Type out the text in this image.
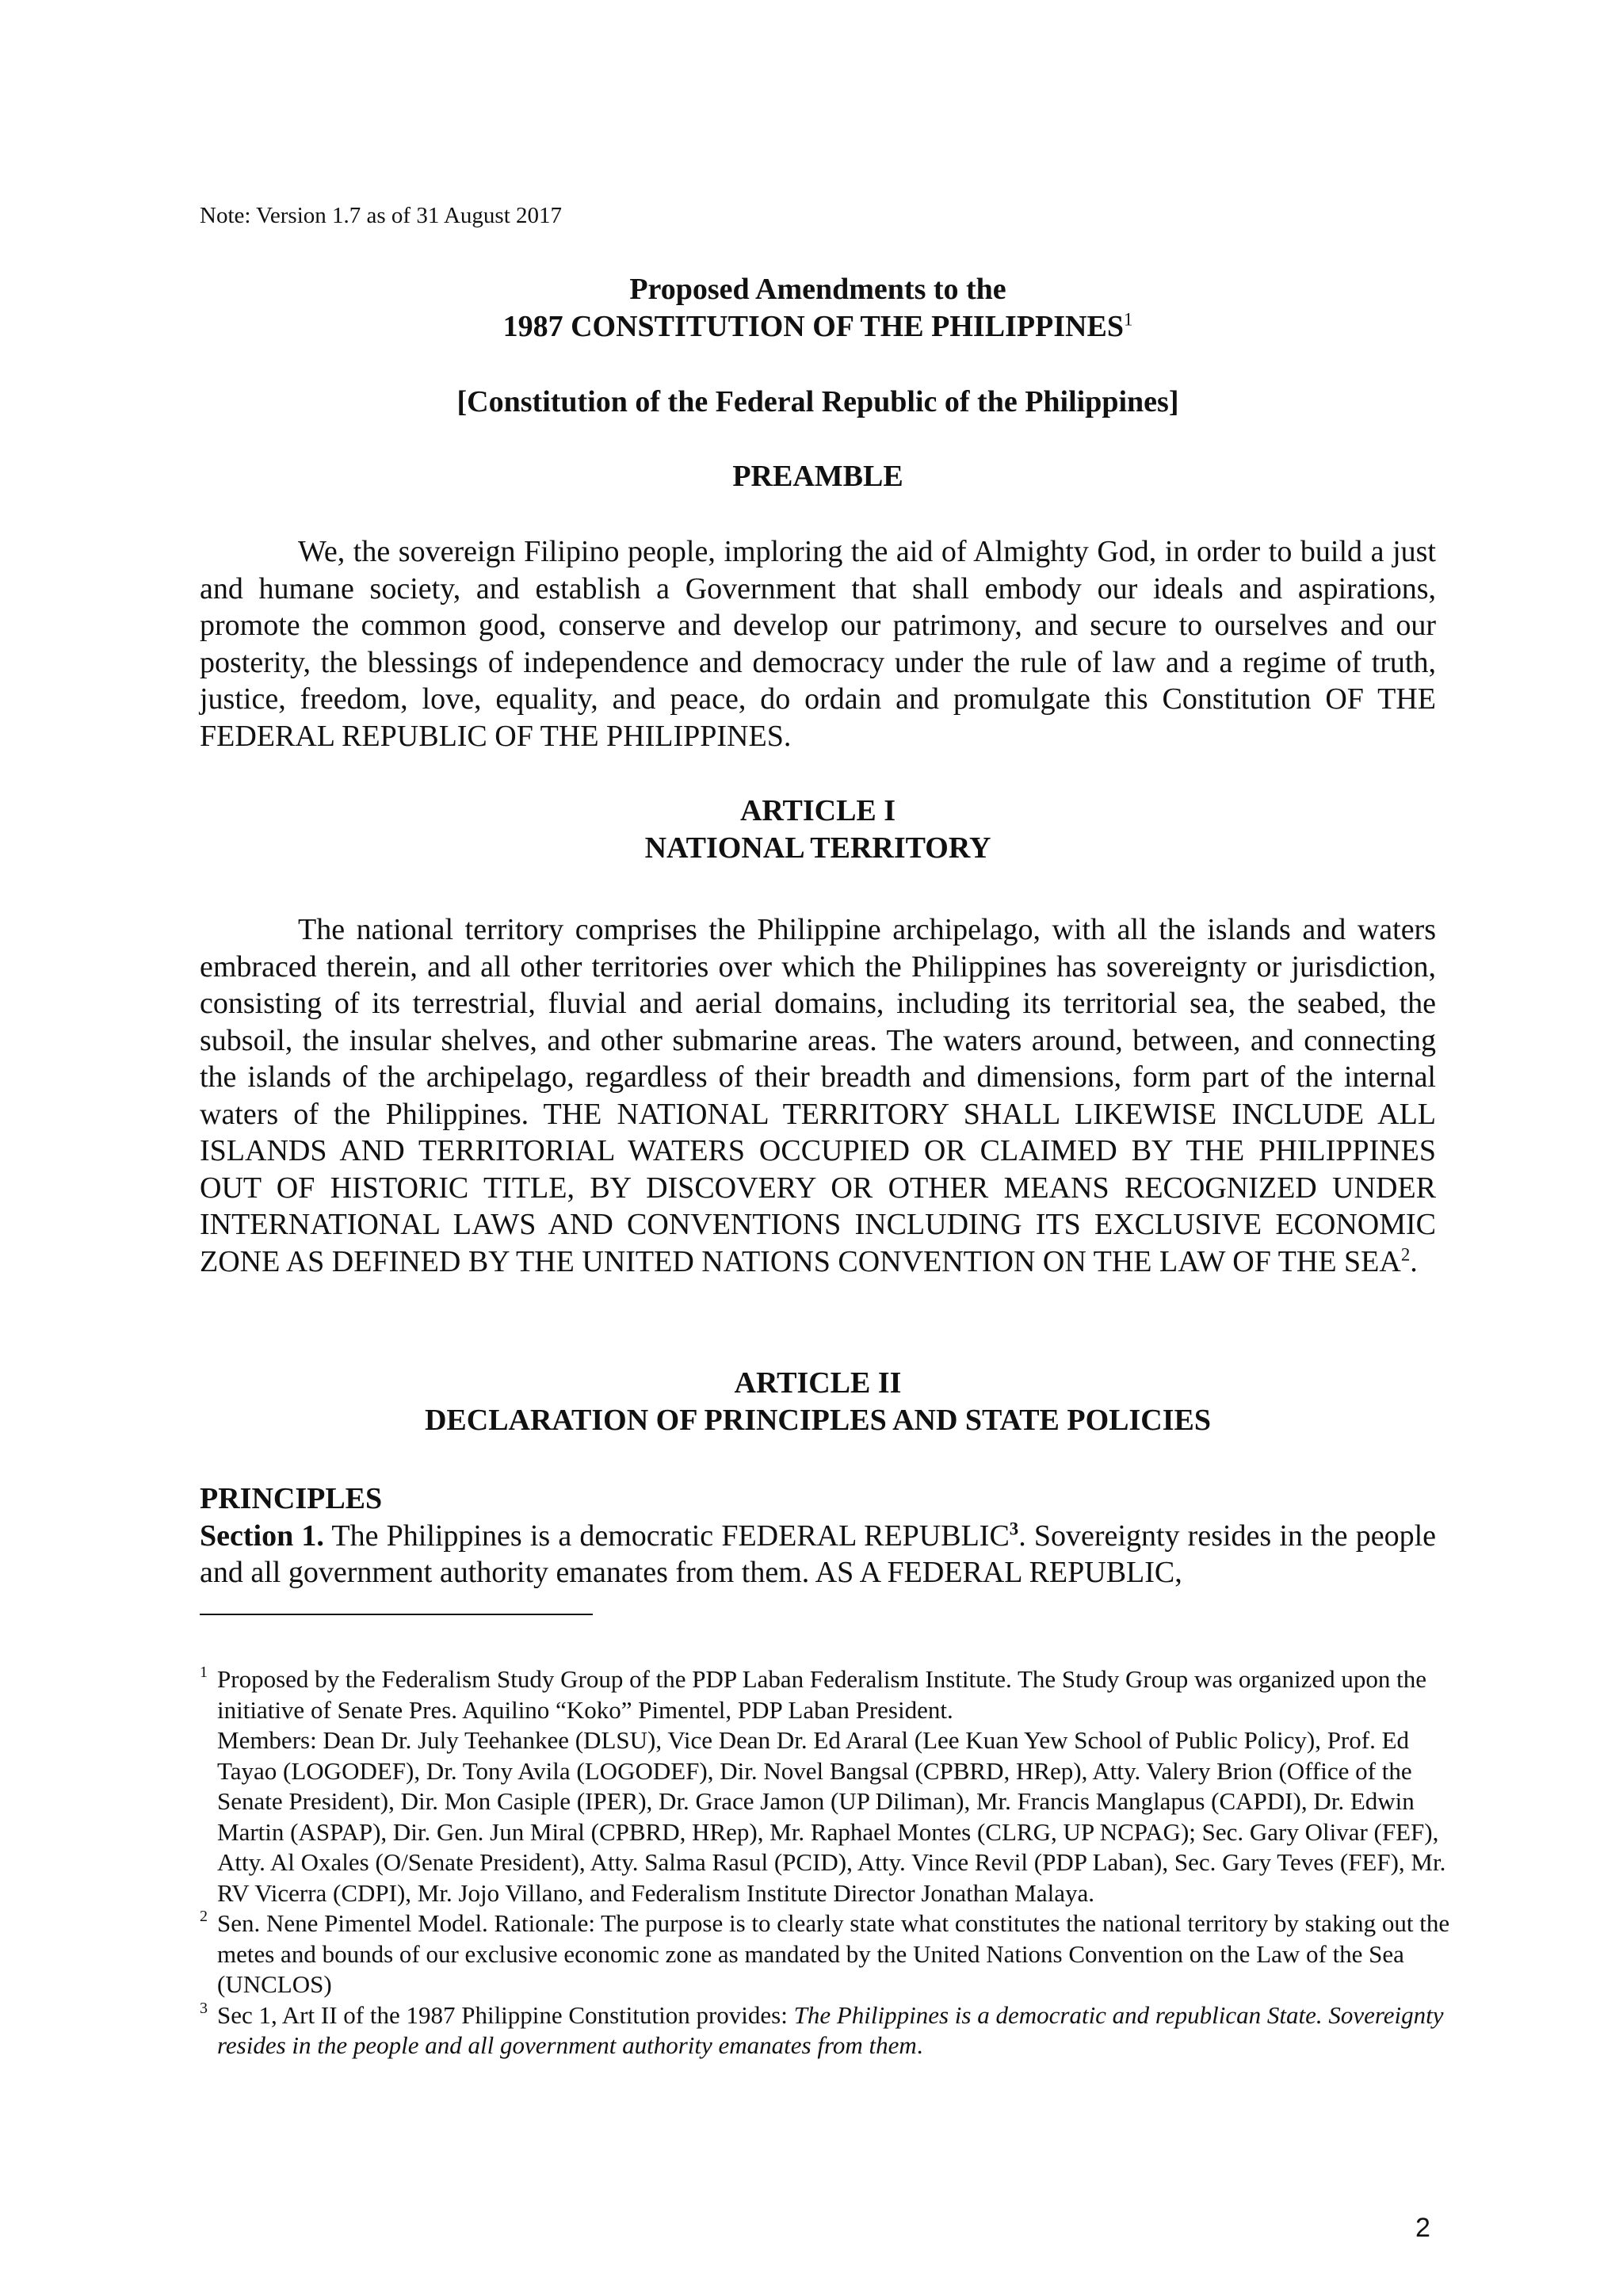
Note: Version 1.7 as of 31 August 2017
Proposed Amendments to the
1987 CONSTITUTION OF THE PHILIPPINES$^1$
[Constitution of the Federal Republic of the Philippines]
PREAMBLE
We, the sovereign Filipino people, imploring the aid of Almighty God, in order to build a just and humane society, and establish a Government that shall embody our ideals and aspirations, promote the common good, conserve and develop our patrimony, and secure to ourselves and our posterity, the blessings of independence and democracy under the rule of law and a regime of truth, justice, freedom, love, equality, and peace, do ordain and promulgate this Constitution OF THE FEDERAL REPUBLIC OF THE PHILIPPINES.
ARTICLE I
NATIONAL TERRITORY
The national territory comprises the Philippine archipelago, with all the islands and waters embraced therein, and all other territories over which the Philippines has sovereignty or jurisdiction, consisting of its terrestrial, fluvial and aerial domains, including its territorial sea, the seabed, the subsoil, the insular shelves, and other submarine areas. The waters around, between, and connecting the islands of the archipelago, regardless of their breadth and dimensions, form part of the internal waters of the Philippines. THE NATIONAL TERRITORY SHALL LIKEWISE INCLUDE ALL ISLANDS AND TERRITORIAL WATERS OCCUPIED OR CLAIMED BY THE PHILIPPINES OUT OF HISTORIC TITLE, BY DISCOVERY OR OTHER MEANS RECOGNIZED UNDER INTERNATIONAL LAWS AND CONVENTIONS INCLUDING ITS EXCLUSIVE ECONOMIC ZONE AS DEFINED BY THE UNITED NATIONS CONVENTION ON THE LAW OF THE SEA$^2$.
ARTICLE II
DECLARATION OF PRINCIPLES AND STATE POLICIES
PRINCIPLES
Section 1. The Philippines is a democratic FEDERAL REPUBLIC$^3$. Sovereignty resides in the people and all government authority emanates from them. AS A FEDERAL REPUBLIC,
1 Proposed by the Federalism Study Group of the PDP Laban Federalism Institute. The Study Group was organized upon the initiative of Senate Pres. Aquilino “Koko” Pimentel, PDP Laban President.
Members: Dean Dr. July Teehankee (DLSU), Vice Dean Dr. Ed Araral (Lee Kuan Yew School of Public Policy), Prof. Ed Tayao (LOGODEF), Dr. Tony Avila (LOGODEF), Dir. Novel Bangsal (CPBRD, HRep), Atty. Valery Brion (Office of the Senate President), Dir. Mon Casiple (IPER), Dr. Grace Jamon (UP Diliman), Mr. Francis Manglapus (CAPDI), Dr. Edwin Martin (ASPAP), Dir. Gen. Jun Miral (CPBRD, HRep), Mr. Raphael Montes (CLRG, UP NCPAG); Sec. Gary Olivar (FEF), Atty. Al Oxales (O/Senate President), Atty. Salma Rasul (PCID), Atty. Vince Revil (PDP Laban), Sec. Gary Teves (FEF), Mr. RV Vicerra (CDPI), Mr. Jojo Villano, and Federalism Institute Director Jonathan Malaya.
2 Sen. Nene Pimentel Model. Rationale: The purpose is to clearly state what constitutes the national territory by staking out the metes and bounds of our exclusive economic zone as mandated by the United Nations Convention on the Law of the Sea (UNCLOS)
3 Sec 1, Art II of the 1987 Philippine Constitution provides: The Philippines is a democratic and republican State. Sovereignty resides in the people and all government authority emanates from them.
2
